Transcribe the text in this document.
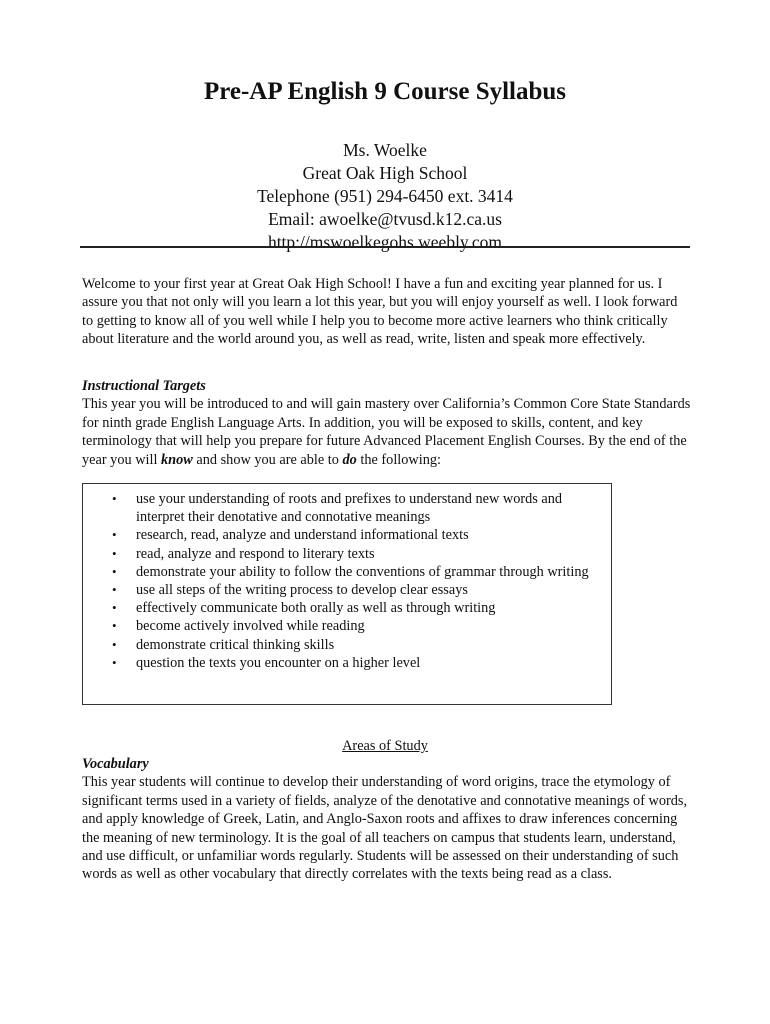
Pre-AP English 9 Course Syllabus
Ms. Woelke
Great Oak High School
Telephone (951) 294-6450 ext. 3414
Email: awoelke@tvusd.k12.ca.us
http://mswoelkegohs.weebly.com
Welcome to your first year at Great Oak High School! I have a fun and exciting year planned for us. I assure you that not only will you learn a lot this year, but you will enjoy yourself as well. I look forward to getting to know all of you well while I help you to become more active learners who think critically about literature and the world around you, as well as read, write, listen and speak more effectively.
Instructional Targets
This year you will be introduced to and will gain mastery over California’s Common Core State Standards for ninth grade English Language Arts. In addition, you will be exposed to skills, content, and key terminology that will help you prepare for future Advanced Placement English Courses. By the end of the year you will know and show you are able to do the following:
• use your understanding of roots and prefixes to understand new words and interpret their denotative and connotative meanings
• research, read, analyze and understand informational texts
• read, analyze and respond to literary texts
• demonstrate your ability to follow the conventions of grammar through writing
• use all steps of the writing process to develop clear essays
• effectively communicate both orally as well as through writing
• become actively involved while reading
• demonstrate critical thinking skills
• question the texts you encounter on a higher level
Areas of Study
Vocabulary
This year students will continue to develop their understanding of word origins, trace the etymology of significant terms used in a variety of fields, analyze of the denotative and connotative meanings of words, and apply knowledge of Greek, Latin, and Anglo-Saxon roots and affixes to draw inferences concerning the meaning of new terminology. It is the goal of all teachers on campus that students learn, understand, and use difficult, or unfamiliar words regularly. Students will be assessed on their understanding of such words as well as other vocabulary that directly correlates with the texts being read as a class.
